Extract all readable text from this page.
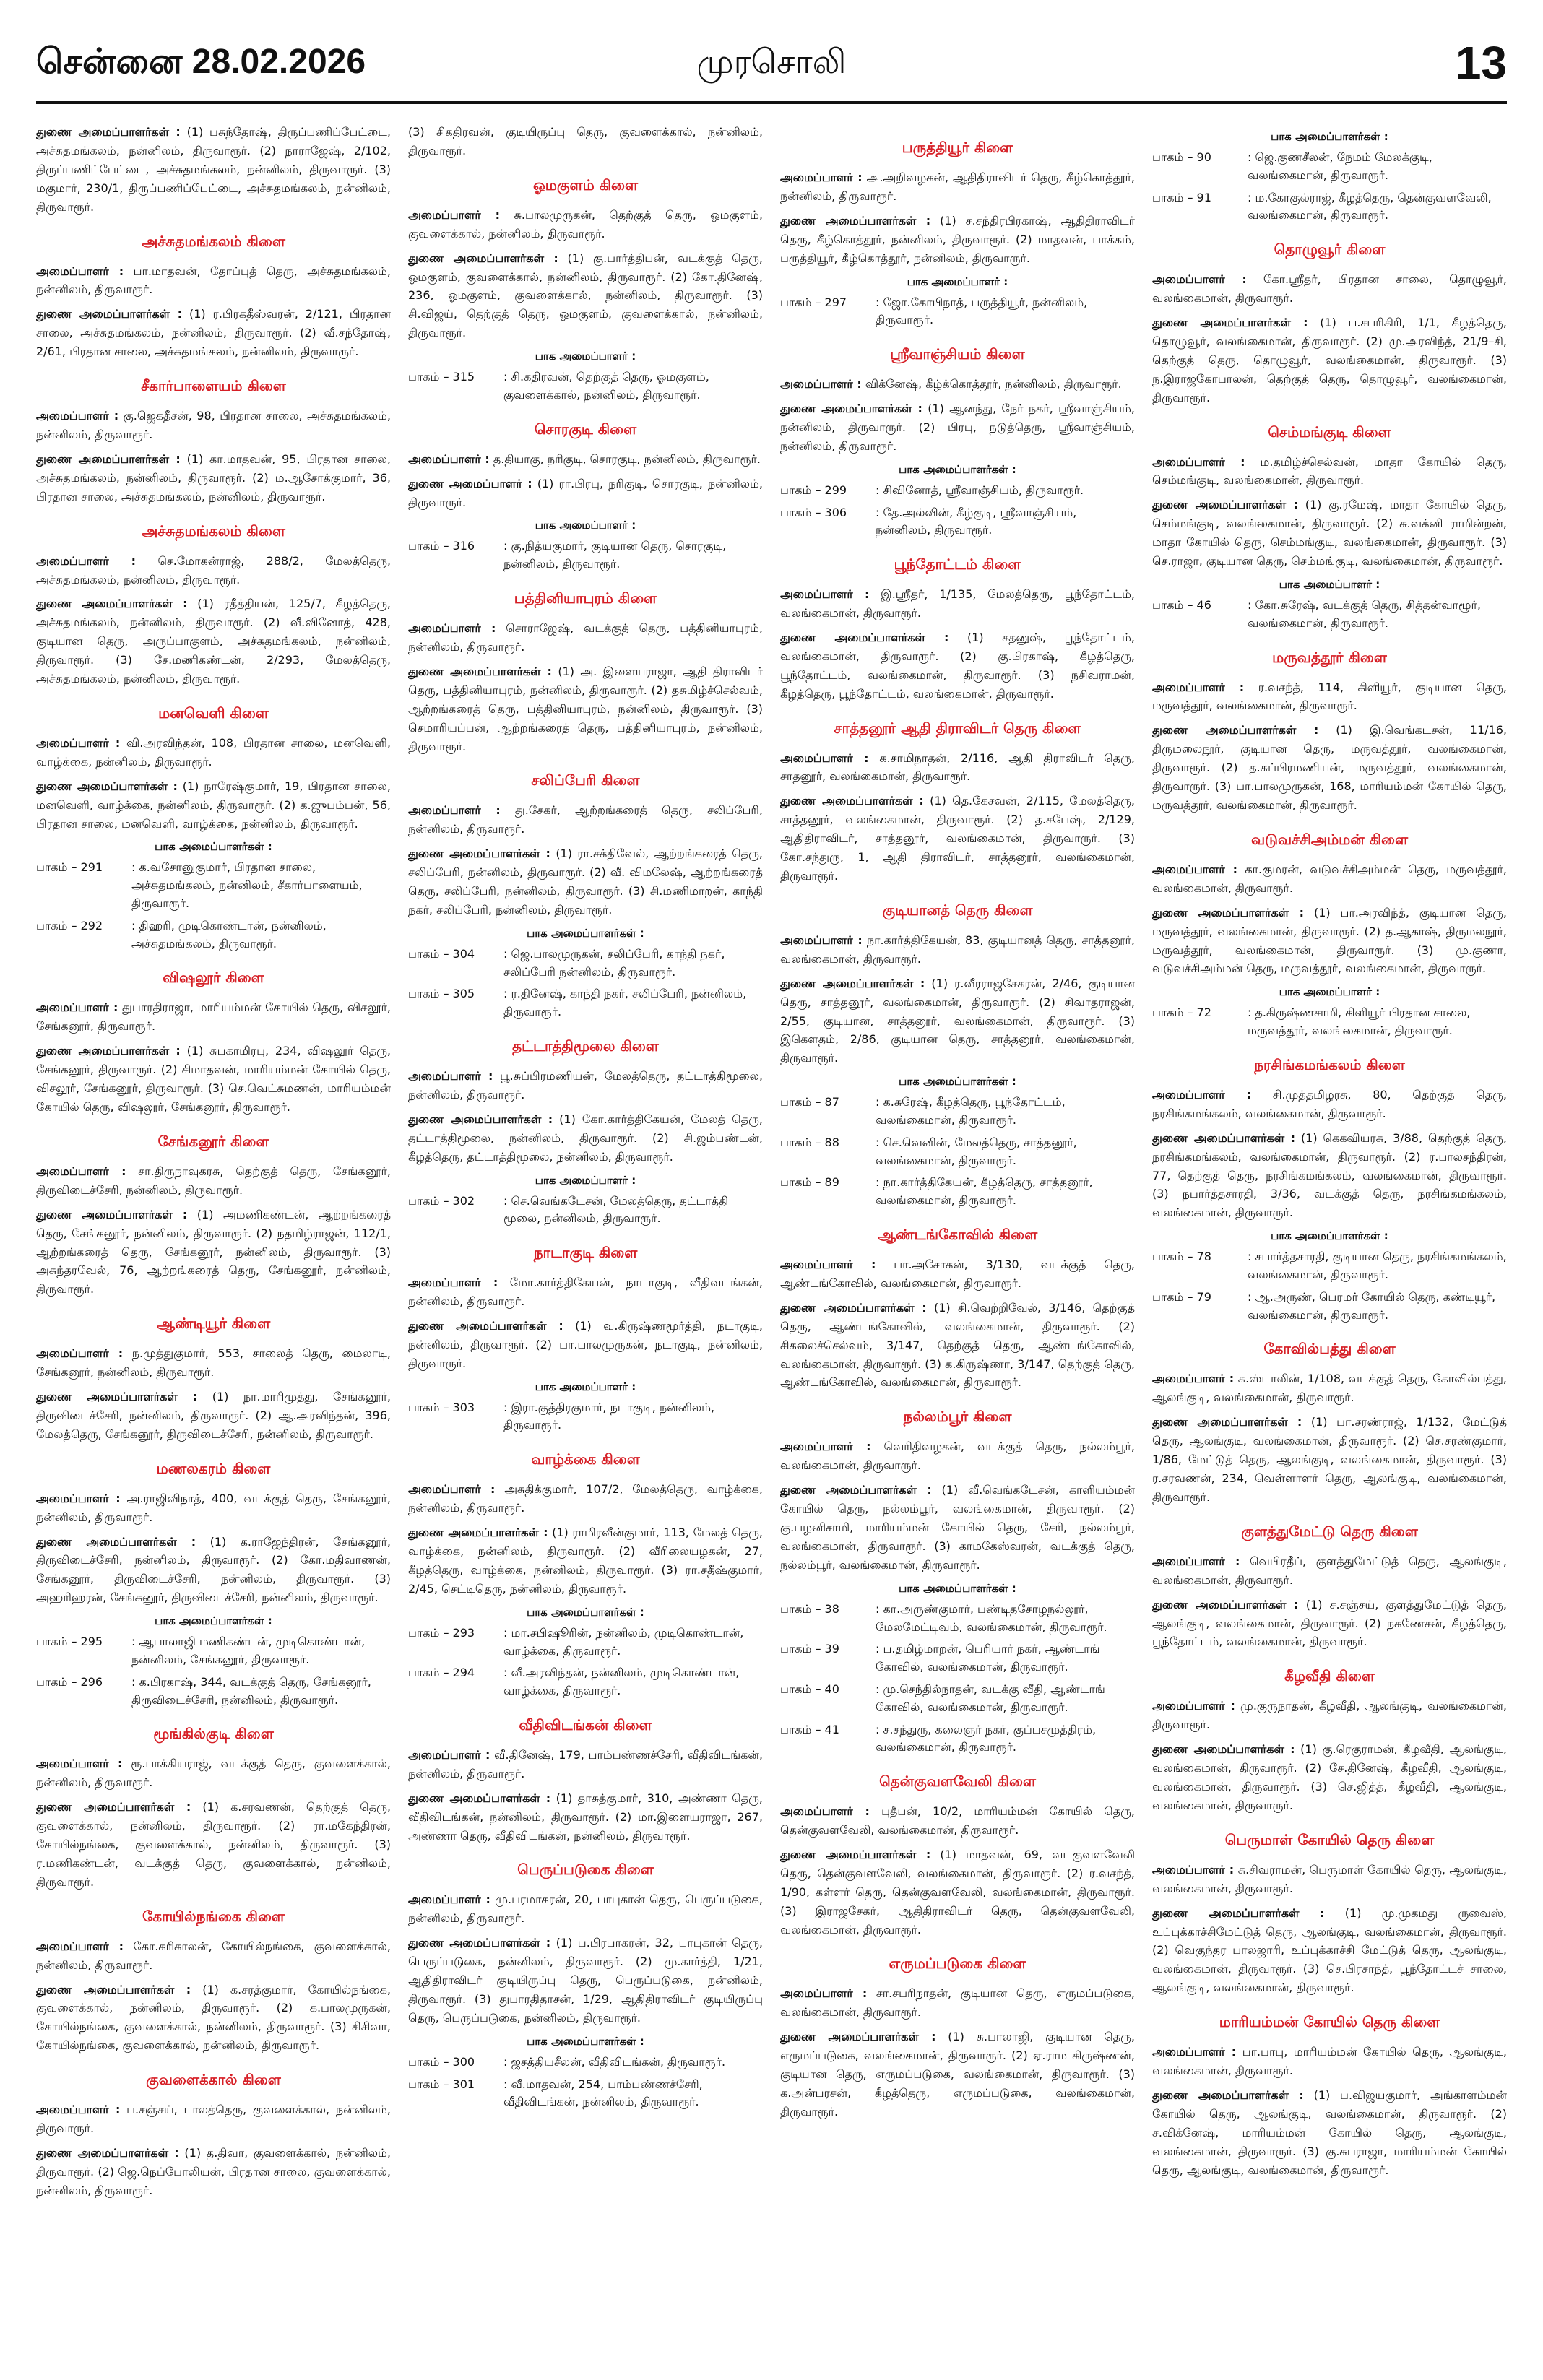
சென்னை 28.02.2026	முரசொலி	13
துணை அமைப்பாளர்கள் : (1) பசுந்தோஷ், திருப்பணிப்பேட்டை, அச்சுதமங்கலம், நன்னிலம், திருவாரூர். (2) நாராஜேஷ், 2/102, திருப்பணிப்பேட்டை, அச்சுதமங்கலம், நன்னிலம், திருவாரூர். (3) மகுமார், 230/1, திருப்பணிப்பேட்டை, அச்சுதமங்கலம், நன்னிலம், திருவாரூர்.
அச்சுதமங்கலம் கிளை
அமைப்பாளர் : பா.மாதவன், தோப்புத் தெரு, அச்சுதமங்கலம், நன்னிலம், திருவாரூர்.
துணை அமைப்பாளர்கள் : (1) ர.பிரகதீஸ்வரன், 2/121, பிரதான சாலை, அச்சுதமங்கலம், நன்னிலம், திருவாரூர். (2) வீ.சந்தோஷ், 2/61, பிரதான சாலை, அச்சுதமங்கலம், நன்னிலம், திருவாரூர்.
சீகார்பாளையம் கிளை
அமைப்பாளர் : கு.ஜெகதீசன், 98, பிரதான சாலை, அச்சுதமங்கலம், நன்னிலம், திருவாரூர்.
துணை அமைப்பாளர்கள் : (1) கா.மாதவன், 95, பிரதான சாலை, அச்சுதமங்கலம், நன்னிலம், திருவாரூர். (2) ம.ஆசோக்குமார், 36, பிரதான சாலை, அச்சுதமங்கலம், நன்னிலம், திருவாரூர்.
அச்சுதமங்கலம் கிளை
அமைப்பாளர் : செ.மோகன்ராஜ், 288/2, மேலத்தெரு, அச்சுதமங்கலம், நன்னிலம், திருவாரூர்.
துணை அமைப்பாளர்கள் : (1) ரதீத்தியன், 125/7, கீழத்தெரு, அச்சுதமங்கலம், நன்னிலம், திருவாரூர். (2) வீ.வினோத், 428, குடியான தெரு, அருப்பாகுளம், அச்சுதமங்கலம், நன்னிலம், திருவாரூர். (3) சே.மணிகண்டன், 2/293, மேலத்தெரு, அச்சுதமங்கலம், நன்னிலம், திருவாரூர்.
மனவெளி கிளை
அமைப்பாளர் : வி.அரவிந்தன், 108, பிரதான சாலை, மனவெளி, வாழ்க்கை, நன்னிலம், திருவாரூர்.
துணை அமைப்பாளர்கள் : (1) நாரேஷ்குமார், 19, பிரதான சாலை, மனவெளி, வாழ்க்கை, நன்னிலம், திருவாரூர். (2) க.ஜுபம்பன், 56, பிரதான சாலை, மனவெளி, வாழ்க்கை, நன்னிலம், திருவாரூர்.
பாக அமைப்பாளர்கள் :
பாகம் – 291	: க.வசோனுகுமார், பிரதான சாலை, அச்சுதமங்கலம், நன்னிலம், சீகார்பாளையம், திருவாரூர்.
பாகம் – 292	: திஹரி, முடிகொண்டான், நன்னிலம், அச்சுதமங்கலம், திருவாரூர்.
விஷலூர் கிளை
அமைப்பாளர் : துபாரதிராஜா, மாரியம்மன் கோயில் தெரு, விசலூர், சேங்கனூர், திருவாரூர்.
துணை அமைப்பாளர்கள் : (1) சுபகாமிரபு, 234, விஷலூர் தெரு, சேங்கனூர், திருவாரூர். (2) சிமாதவன், மாரியம்மன் கோயில் தெரு, விசலூர், சேங்கனூர், திருவாரூர். (3) செ.வெட்சுமணன், மாரியம்மன் கோயில் தெரு, விஷலூர், சேங்கனூர், திருவாரூர்.
சேங்கனூர் கிளை
அமைப்பாளர் : சா.திருநாவுகரசு, தெற்குத் தெரு, சேங்கனூர், திருவிடைச்சேரி, நன்னிலம், திருவாரூர்.
துணை அமைப்பாளர்கள் : (1) அமணிகண்டன், ஆற்றங்கரைத் தெரு, சேங்கனூர், நன்னிலம், திருவாரூர். (2) நதமிழ்ராஜன், 112/1, ஆற்றங்கரைத் தெரு, சேங்கனூர், நன்னிலம், திருவாரூர். (3) அசுந்தரவேல், 76, ஆற்றங்கரைத் தெரு, சேங்கனூர், நன்னிலம், திருவாரூர்.
ஆண்டியூர் கிளை
அமைப்பாளர் : ந.முத்துகுமார், 553, சாலைத் தெரு, மைலாடி, சேங்கனூர், நன்னிலம், திருவாரூர்.
துணை அமைப்பாளர்கள் : (1) நா.மாரிமுத்து, சேங்கனூர், திருவிடைச்சேரி, நன்னிலம், திருவாரூர். (2) ஆ.அரவிந்தன், 396, மேலத்தெரு, சேங்கனூர், திருவிடைச்சேரி, நன்னிலம், திருவாரூர்.
மணலகரம் கிளை
அமைப்பாளர் : அ.ராஜிவிநாத், 400, வடக்குத் தெரு, சேங்கனூர், நன்னிலம், திருவாரூர்.
துணை அமைப்பாளர்கள் : (1) க.ராஜேந்திரன், சேங்கனூர், திருவிடைச்சேரி, நன்னிலம், திருவாரூர். (2) கோ.மதிவாணன், சேங்கனூர், திருவிடைச்சேரி, நன்னிலம், திருவாரூர். (3) அஹரிஹரன், சேங்கனூர், திருவிடைச்சேரி, நன்னிலம், திருவாரூர்.
பாக அமைப்பாளர்கள் :
பாகம் – 295	: ஆபாலாஜி மணிகண்டன், முடிகொண்டான், நன்னிலம், சேங்கனூர், திருவாரூர்.
பாகம் – 296	: க.பிரகாஷ், 344, வடக்குத் தெரு, சேங்கனூர், திருவிடைச்சேரி, நன்னிலம், திருவாரூர்.
மூங்கில்குடி கிளை
அமைப்பாளர் : ரூ.பாக்கியராஜ், வடக்குத் தெரு, குவளைக்கால், நன்னிலம், திருவாரூர்.
துணை அமைப்பாளர்கள் : (1) க.சரவணன், தெற்குத் தெரு, குவளைக்கால், நன்னிலம், திருவாரூர். (2) ரா.மகேந்திரன், கோயில்நங்கை, குவளைக்கால், நன்னிலம், திருவாரூர். (3) ர.மணிகண்டன், வடக்குத் தெரு, குவளைக்கால், நன்னிலம், திருவாரூர்.
கோயில்நங்கை கிளை
அமைப்பாளர் : கோ.கரிகாலன், கோயில்நங்கை, குவளைக்கால், நன்னிலம், திருவாரூர்.
துணை அமைப்பாளர்கள் : (1) க.சரத்குமார், கோயில்நங்கை, குவளைக்கால், நன்னிலம், திருவாரூர். (2) க.பாலமுருகன், கோயில்நங்கை, குவளைக்கால், நன்னிலம், திருவாரூர். (3) சிசிவா, கோயில்நங்கை, குவளைக்கால், நன்னிலம், திருவாரூர்.
குவளைக்கால் கிளை
அமைப்பாளர் : ப.சஞ்சய், பாலத்தெரு, குவளைக்கால், நன்னிலம், திருவாரூர்.
துணை அமைப்பாளர்கள் : (1) த.திவா, குவளைக்கால், நன்னிலம், திருவாரூர். (2) ஜெ.நெப்போலியன், பிரதான சாலை, குவளைக்கால், நன்னிலம், திருவாரூர்.
(3) சிகதிரவன், குடியிருப்பு தெரு, குவளைக்கால், நன்னிலம், திருவாரூர்.
ஓமகுளம் கிளை
அமைப்பாளர் : சு.பாலமுருகன், தெற்குத் தெரு, ஓமகுளம், குவளைக்கால், நன்னிலம், திருவாரூர்.
துணை அமைப்பாளர்கள் : (1) கு.பார்த்திபன், வடக்குத் தெரு, ஓமகுளம், குவளைக்கால், நன்னிலம், திருவாரூர். (2) கோ.தினேஷ், 236, ஓமகுளம், குவளைக்கால், நன்னிலம், திருவாரூர். (3) சி.விஜய், தெற்குத் தெரு, ஓமகுளம், குவளைக்கால், நன்னிலம், திருவாரூர்.
பாக அமைப்பாளர் :
பாகம் – 315	: சி.கதிரவன், தெற்குத் தெரு, ஓமகுளம், குவளைக்கால், நன்னிலம், திருவாரூர்.
சொரகுடி கிளை
அமைப்பாளர் : த.தியாகு, நரிகுடி, சொரகுடி, நன்னிலம், திருவாரூர்.
துணை அமைப்பாளர் : (1) ரா.பிரபு, நரிகுடி, சொரகுடி, நன்னிலம், திருவாரூர்.
பாக அமைப்பாளர் :
பாகம் – 316	: கு.நித்யகுமார், குடியான தெரு, சொரகுடி, நன்னிலம், திருவாரூர்.
பத்தினியாபுரம் கிளை
அமைப்பாளர் : சொராஜேஷ், வடக்குத் தெரு, பத்தினியாபுரம், நன்னிலம், திருவாரூர்.
துணை அமைப்பாளர்கள் : (1) அ. இளையராஜா, ஆதி திராவிடர் தெரு, பத்தினியாபுரம், நன்னிலம், திருவாரூர். (2) தசுமிழ்ச்செல்வம், ஆற்றங்கரைத் தெரு, பத்தினியாபுரம், நன்னிலம், திருவாரூர். (3) செமாரியப்பன், ஆற்றங்கரைத் தெரு, பத்தினியாபுரம், நன்னிலம், திருவாரூர்.
சலிப்பேரி கிளை
அமைப்பாளர் : து.சேகர், ஆற்றங்கரைத் தெரு, சலிப்பேரி, நன்னிலம், திருவாரூர்.
துணை அமைப்பாளர்கள் : (1) ரா.சக்திவேல், ஆற்றங்கரைத் தெரு, சலிப்பேரி, நன்னிலம், திருவாரூர். (2) வீ. விமலேஷ், ஆற்றங்கரைத் தெரு, சலிப்பேரி, நன்னிலம், திருவாரூர். (3) சி.மணிமாறன், காந்தி நகர், சலிப்பேரி, நன்னிலம், திருவாரூர்.
பாக அமைப்பாளர்கள் :
பாகம் – 304	: ஜெ.பாலமுருகன், சலிப்பேரி, காந்தி நகர், சலிப்பேரி நன்னிலம், திருவாரூர்.
பாகம் – 305	: ர.தினேஷ், காந்தி நகர், சலிப்பேரி, நன்னிலம், திருவாரூர்.
தட்டாத்திமூலை கிளை
அமைப்பாளர் : பூ.சுப்பிரமணியன், மேலத்தெரு, தட்டாத்திமூலை, நன்னிலம், திருவாரூர்.
துணை அமைப்பாளர்கள் : (1) கோ.கார்த்திகேயன், மேலத் தெரு, தட்டாத்திமூலை, நன்னிலம், திருவாரூர். (2) சி.ஜம்பண்டன், கீழத்தெரு, தட்டாத்திமூலை, நன்னிலம், திருவாரூர்.
பாக அமைப்பாளர் :
பாகம் – 302	: செ.வெங்கடேசன், மேலத்தெரு, தட்டாத்தி மூலை, நன்னிலம், திருவாரூர்.
நாடாகுடி கிளை
அமைப்பாளர் : மோ.கார்த்திகேயன், நாடாகுடி, வீதிவடங்கன், நன்னிலம், திருவாரூர்.
துணை அமைப்பாளர்கள் : (1) வ.கிருஷ்ணமூர்த்தி, நடாகுடி, நன்னிலம், திருவாரூர். (2) பா.பாலமுருகன், நடாகுடி, நன்னிலம், திருவாரூர்.
பாக அமைப்பாளர் :
பாகம் – 303	: இரா.குத்திரகுமார், நடாகுடி, நன்னிலம், திருவாரூர்.
வாழ்க்கை கிளை
அமைப்பாளர் : அசுதிக்குமார், 107/2, மேலத்தெரு, வாழ்க்கை, நன்னிலம், திருவாரூர்.
துணை அமைப்பாளர்கள் : (1) ராமிரவீன்குமார், 113, மேலத் தெரு, வாழ்க்கை, நன்னிலம், திருவாரூர். (2) வீரிலையழகன், 27, கீழத்தெரு, வாழ்க்கை, நன்னிலம், திருவாரூர். (3) ரா.சதீஷ்குமார், 2/45, செட்டிதெரு, நன்னிலம், திருவாரூர்.
பாக அமைப்பாளர்கள் :
பாகம் – 293	: மா.சபிஷூரின், நன்னிலம், முடிகொண்டான், வாழ்க்கை, திருவாரூர்.
பாகம் – 294	: வீ.அரவிந்தன், நன்னிலம், முடிகொண்டான், வாழ்க்கை, திருவாரூர்.
வீதிவிடங்கன் கிளை
அமைப்பாளர் : வீ.தினேஷ், 179, பாம்பண்ணச்சேரி, வீதிவிடங்கன், நன்னிலம், திருவாரூர்.
துணை அமைப்பாளர்கள் : (1) தாசுத்குமார், 310, அண்ணா தெரு, வீதிவிடங்கன், நன்னிலம், திருவாரூர். (2) மா.இளையராஜா, 267, அண்ணா தெரு, வீதிவிடங்கன், நன்னிலம், திருவாரூர்.
பெருப்படுகை கிளை
அமைப்பாளர் : மு.பரமாகரன், 20, பாபுகான் தெரு, பெருப்படுகை, நன்னிலம், திருவாரூர்.
துணை அமைப்பாளர்கள் : (1) ப.பிரபாகரன், 32, பாபுகான் தெரு, பெருப்படுகை, நன்னிலம், திருவாரூர். (2) மு.கார்த்தி, 1/21, ஆதிதிராவிடர் குடியிருப்பு தெரு, பெருப்படுகை, நன்னிலம், திருவாரூர். (3) துபாரதிதாசன், 1/29, ஆதிதிராவிடர் குடியிருப்பு தெரு, பெருப்படுகை, நன்னிலம், திருவாரூர்.
பாக அமைப்பாளர்கள் :
பாகம் – 300	: ஜசத்தியசீலன், வீதிவிடங்கன், திருவாரூர்.
பாகம் – 301	: வீ.மாதவன், 254, பாம்பண்ணச்சேரி, வீதிவிடங்கன், நன்னிலம், திருவாரூர்.
பருத்தியூர் கிளை
அமைப்பாளர் : அ.அறிவழகன், ஆதிதிராவிடர் தெரு, கீழ்கொத்தூர், நன்னிலம், திருவாரூர்.
துணை அமைப்பாளர்கள் : (1) ச.சந்திரபிரகாஷ், ஆதிதிராவிடர் தெரு, கீழ்கொத்தூர், நன்னிலம், திருவாரூர். (2) மாதவன், பாக்கம், பருத்தியூர், கீழ்கொத்தூர், நன்னிலம், திருவாரூர்.
பாக அமைப்பாளர் :
பாகம் – 297	: ஜோ.கோபிநாத், பருத்தியூர், நன்னிலம், திருவாரூர்.
ஸ்ரீவாஞ்சியம் கிளை
அமைப்பாளர் : விக்னேஷ், கீழ்க்கொத்தூர், நன்னிலம், திருவாரூர்.
துணை அமைப்பாளர்கள் : (1) ஆனந்து, நேர் நகர், ஸ்ரீவாஞ்சியம், நன்னிலம், திருவாரூர். (2) பிரபு, நடுத்தெரு, ஸ்ரீவாஞ்சியம், நன்னிலம், திருவாரூர்.
பாக அமைப்பாளர்கள் :
பாகம் – 299	: சிவினோத், ஸ்ரீவாஞ்சியம், திருவாரூர்.
பாகம் – 306	: தே.அல்வின், கீழ்குடி, ஸ்ரீவாஞ்சியம், நன்னிலம், திருவாரூர்.
பூந்தோட்டம் கிளை
அமைப்பாளர் : இ.ஸ்ரீதர், 1/135, மேலத்தெரு, பூந்தோட்டம், வலங்கைமான், திருவாரூர்.
துணை அமைப்பாளர்கள் : (1) சதனுஷ், பூந்தோட்டம், வலங்கைமான், திருவாரூர். (2) கு.பிரகாஷ், கீழத்தெரு, பூந்தோட்டம், வலங்கைமான், திருவாரூர். (3) நசிவராமன், கீழத்தெரு, பூந்தோட்டம், வலங்கைமான், திருவாரூர்.
சாத்தனூர் ஆதி திராவிடர் தெரு கிளை
அமைப்பாளர் : க.சாமிநாதன், 2/116, ஆதி திராவிடர் தெரு, சாதனூர், வலங்கைமான், திருவாரூர்.
துணை அமைப்பாளர்கள் : (1) தெ.கேசவன், 2/115, மேலத்தெரு, சாத்தனூர், வலங்கைமான், திருவாரூர். (2) த.சபேஷ், 2/129, ஆதிதிராவிடர், சாத்தனூர், வலங்கைமான், திருவாரூர். (3) கோ.சந்துரு, 1, ஆதி திராவிடர், சாத்தனூர், வலங்கைமான், திருவாரூர்.
குடியானத் தெரு கிளை
அமைப்பாளர் : நா.கார்த்திகேயன், 83, குடியானத் தெரு, சாத்தனூர், வலங்கைமான், திருவாரூர்.
துணை அமைப்பாளர்கள் : (1) ர.வீரராஜசேகரன், 2/46, குடியான தெரு, சாத்தனூர், வலங்கைமான், திருவாரூர். (2) சிவாதராஜன், 2/55, குடியான, சாத்தனூர், வலங்கைமான், திருவாரூர். (3) இகௌதம், 2/86, குடியான தெரு, சாத்தனூர், வலங்கைமான், திருவாரூர்.
பாக அமைப்பாளர்கள் :
பாகம் – 87	: க.சுரேஷ், கீழத்தெரு, பூந்தோட்டம், வலங்கைமான், திருவாரூர்.
பாகம் – 88	: செ.வெனின், மேலத்தெரு, சாத்தனூர், வலங்கைமான், திருவாரூர்.
பாகம் – 89	: நா.கார்த்திகேயன், கீழத்தெரு, சாத்தனூர், வலங்கைமான், திருவாரூர்.
ஆண்டங்கோவில் கிளை
அமைப்பாளர் : பா.அசோகன், 3/130, வடக்குத் தெரு, ஆண்டங்கோவில், வலங்கைமான், திருவாரூர்.
துணை அமைப்பாளர்கள் : (1) சி.வெற்றிவேல், 3/146, தெற்குத் தெரு, ஆண்டங்கோவில், வலங்கைமான், திருவாரூர். (2) சிகலைச்செல்வம், 3/147, தெற்குத் தெரு, ஆண்டங்கோவில், வலங்கைமான், திருவாரூர். (3) க.கிருஷ்ணா, 3/147, தெற்குத் தெரு, ஆண்டங்கோவில், வலங்கைமான், திருவாரூர்.
நல்லம்பூர் கிளை
அமைப்பாளர் : வெரிதிவழகன், வடக்குத் தெரு, நல்லம்பூர், வலங்கைமான், திருவாரூர்.
துணை அமைப்பாளர்கள் : (1) வீ.வெங்கடேசன், காளியம்மன் கோயில் தெரு, நல்லம்பூர், வலங்கைமான், திருவாரூர். (2) கு.பழனிசாமி, மாரியம்மன் கோயில் தெரு, சேரி, நல்லம்பூர், வலங்கைமான், திருவாரூர். (3) காமகேஸ்வரன், வடக்குத் தெரு, நல்லம்பூர், வலங்கைமான், திருவாரூர்.
பாக அமைப்பாளர்கள் :
பாகம் – 38	: கா.அருண்குமார், பண்டிதசோழநல்லூர், மேலமேட்டிவம், வலங்கைமான், திருவாரூர்.
பாகம் – 39	: ப.தமிழ்மாறன், பெரியார் நகர், ஆண்டாங் கோவில், வலங்கைமான், திருவாரூர்.
பாகம் – 40	: மு.செந்தில்நாதன், வடக்கு வீதி, ஆண்டாங் கோவில், வலங்கைமான், திருவாரூர்.
பாகம் – 41	: ச.சந்துரு, கலைஞர் நகர், குப்பசமுத்திரம், வலங்கைமான், திருவாரூர்.
தென்குவளவேலி கிளை
அமைப்பாளர் : புதீபன், 10/2, மாரியம்மன் கோயில் தெரு, தென்குவளவேலி, வலங்கைமான், திருவாரூர்.
துணை அமைப்பாளர்கள் : (1) மாதவன், 69, வடகுவளவேலி தெரு, தென்குவளவேலி, வலங்கைமான், திருவாரூர். (2) ர.வசந்த், 1/90, கள்ளர் தெரு, தென்குவளவேலி, வலங்கைமான், திருவாரூர். (3) இராஜசேகர், ஆதிதிராவிடர் தெரு, தென்குவளவேலி, வலங்கைமான், திருவாரூர்.
எருமப்படுகை கிளை
அமைப்பாளர் : சா.சபரிநாதன், குடியான தெரு, எருமப்படுகை, வலங்கைமான், திருவாரூர்.
துணை அமைப்பாளர்கள் : (1) சு.பாலாஜி, குடியான தெரு, எருமப்படுகை, வலங்கைமான், திருவாரூர். (2) ஏ.ராம கிருஷ்ணன், குடியான தெரு, எருமப்படுகை, வலங்கைமான், திருவாரூர். (3) க.அன்பரசன், கீழத்தெரு, எருமப்படுகை, வலங்கைமான், திருவாரூர்.
பாக அமைப்பாளர்கள் :
பாகம் – 90	: ஜெ.குணசீலன், நேமம் மேலக்குடி, வலங்கைமான், திருவாரூர்.
பாகம் – 91	: ம.கோகுல்ராஜ், கீழத்தெரு, தென்குவளவேலி, வலங்கைமான், திருவாரூர்.
தொழுவூர் கிளை
அமைப்பாளர் : கோ.ஸ்ரீதர், பிரதான சாலை, தொழுவூர், வலங்கைமான், திருவாரூர்.
துணை அமைப்பாளர்கள் : (1) ப.சபரிகிரி, 1/1, கீழத்தெரு, தொழுவூர், வலங்கைமான், திருவாரூர். (2) மு.அரவிந்த், 21/9–சி, தெற்குத் தெரு, தொழுவூர், வலங்கைமான், திருவாரூர். (3) ந.இராஜகோபாலன், தெற்குத் தெரு, தொழுவூர், வலங்கைமான், திருவாரூர்.
செம்மங்குடி கிளை
அமைப்பாளர் : ம.தமிழ்ச்செல்வன், மாதா கோயில் தெரு, செம்மங்குடி, வலங்கைமான், திருவாரூர்.
துணை அமைப்பாளர்கள் : (1) கு.ரமேஷ், மாதா கோயில் தெரு, செம்மங்குடி, வலங்கைமான், திருவாரூர். (2) சு.வக்னி ராமின்றன், மாதா கோயில் தெரு, செம்மங்குடி, வலங்கைமான், திருவாரூர். (3) செ.ராஜா, குடியான தெரு, செம்மங்குடி, வலங்கைமான், திருவாரூர்.
பாக அமைப்பாளர் :
பாகம் – 46	: கோ.சுரேஷ், வடக்குத் தெரு, சித்தன்வாழூர், வலங்கைமான், திருவாரூர்.
மருவத்தூர் கிளை
அமைப்பாளர் : ர.வசந்த், 114, கிளியூர், குடியான தெரு, மருவத்தூர், வலங்கைமான், திருவாரூர்.
துணை அமைப்பாளர்கள் : (1) இ.வெங்கடசன், 11/16, திருமலைநூர், குடியான தெரு, மருவத்தூர், வலங்கைமான், திருவாரூர். (2) த.சுப்பிரமணியன், மருவத்தூர், வலங்கைமான், திருவாரூர். (3) பா.பாலமுருகன், 168, மாரியம்மன் கோயில் தெரு, மருவத்தூர், வலங்கைமான், திருவாரூர்.
வடுவச்சிஅம்மன் கிளை
அமைப்பாளர் : கா.குமரன், வடுவச்சிஅம்மன் தெரு, மருவத்தூர், வலங்கைமான், திருவாரூர்.
துணை அமைப்பாளர்கள் : (1) பா.அரவிந்த், குடியான தெரு, மருவத்தூர், வலங்கைமான், திருவாரூர். (2) த.ஆகாஷ், திருமலநூர், மருவத்தூர், வலங்கைமான், திருவாரூர். (3) மு.குணா, வடுவச்சிஅம்மன் தெரு, மருவத்தூர், வலங்கைமான், திருவாரூர்.
பாக அமைப்பாளர் :
பாகம் – 72	: த.கிருஷ்ணசாமி, கிளியூர் பிரதான சாலை, மருவத்தூர், வலங்கைமான், திருவாரூர்.
நரசிங்கமங்கலம் கிளை
அமைப்பாளர் : சி.முத்தமிழரசு, 80, தெற்குத் தெரு, நரசிங்கமங்கலம், வலங்கைமான், திருவாரூர்.
துணை அமைப்பாளர்கள் : (1) கெகவியரசு, 3/88, தெற்குத் தெரு, நரசிங்கமங்கலம், வலங்கைமான், திருவாரூர். (2) ர.பாலசந்திரன், 77, தெற்குத் தெரு, நரசிங்கமங்கலம், வலங்கைமான், திருவாரூர். (3) நபார்த்தசாரதி, 3/36, வடக்குத் தெரு, நரசிங்கமங்கலம், வலங்கைமான், திருவாரூர்.
பாக அமைப்பாளர்கள் :
பாகம் – 78	: சபார்த்தசாரதி, குடியான தெரு, நரசிங்கமங்கலம், வலங்கைமான், திருவாரூர்.
பாகம் – 79	: ஆ.அருண், பெரமர் கோயில் தெரு, கண்டியூர், வலங்கைமான், திருவாரூர்.
கோவில்பத்து கிளை
அமைப்பாளர் : சு.ஸ்டாலின், 1/108, வடக்குத் தெரு, கோவில்பத்து, ஆலங்குடி, வலங்கைமான், திருவாரூர்.
துணை அமைப்பாளர்கள் : (1) பா.சரண்ராஜ், 1/132, மேட்டுத் தெரு, ஆலங்குடி, வலங்கைமான், திருவாரூர். (2) செ.சரண்குமார், 1/86, மேட்டுத் தெரு, ஆலங்குடி, வலங்கைமான், திருவாரூர். (3) ர.சரவணன், 234, வெள்ளாளர் தெரு, ஆலங்குடி, வலங்கைமான், திருவாரூர்.
குளத்துமேட்டு தெரு கிளை
அமைப்பாளர் : வெபிரதீப், குளத்துமேட்டுத் தெரு, ஆலங்குடி, வலங்கைமான், திருவாரூர்.
துணை அமைப்பாளர்கள் : (1) ச.சஞ்சய், குளத்துமேட்டுத் தெரு, ஆலங்குடி, வலங்கைமான், திருவாரூர். (2) நகணேசன், கீழத்தெரு, பூந்தோட்டம், வலங்கைமான், திருவாரூர்.
கீழவீதி கிளை
அமைப்பாளர் : மு.குருநாதன், கீழவீதி, ஆலங்குடி, வலங்கைமான், திருவாரூர்.
துணை அமைப்பாளர்கள் : (1) கு.ரெகுராமன், கீழவீதி, ஆலங்குடி, வலங்கைமான், திருவாரூர். (2) சே.தினேஷ், கீழவீதி, ஆலங்குடி, வலங்கைமான், திருவாரூர். (3) செ.ஜித்த், கீழவீதி, ஆலங்குடி, வலங்கைமான், திருவாரூர்.
பெருமாள் கோயில் தெரு கிளை
அமைப்பாளர் : சு.சிவராமன், பெருமாள் கோயில் தெரு, ஆலங்குடி, வலங்கைமான், திருவாரூர்.
துணை அமைப்பாளர்கள் : (1) மு.முகமது ருவைஸ், உப்புக்காச்சிமேட்டுத் தெரு, ஆலங்குடி, வலங்கைமான், திருவாரூர். (2) வெகுந்தர பாலஜாரி, உப்புக்காச்சி மேட்டுத் தெரு, ஆலங்குடி, வலங்கைமான், திருவாரூர். (3) செ.பிரசாந்த், பூந்தோட்டச் சாலை, ஆலங்குடி, வலங்கைமான், திருவாரூர்.
மாரியம்மன் கோயில் தெரு கிளை
அமைப்பாளர் : பா.பாபு, மாரியம்மன் கோயில் தெரு, ஆலங்குடி, வலங்கைமான், திருவாரூர்.
துணை அமைப்பாளர்கள் : (1) ப.விஜயகுமார், அங்காளம்மன் கோயில் தெரு, ஆலங்குடி, வலங்கைமான், திருவாரூர். (2) ச.விக்னேஷ், மாரியம்மன் கோயில் தெரு, ஆலங்குடி, வலங்கைமான், திருவாரூர். (3) கு.சுபராஜா, மாரியம்மன் கோயில் தெரு, ஆலங்குடி, வலங்கைமான், திருவாரூர்.
